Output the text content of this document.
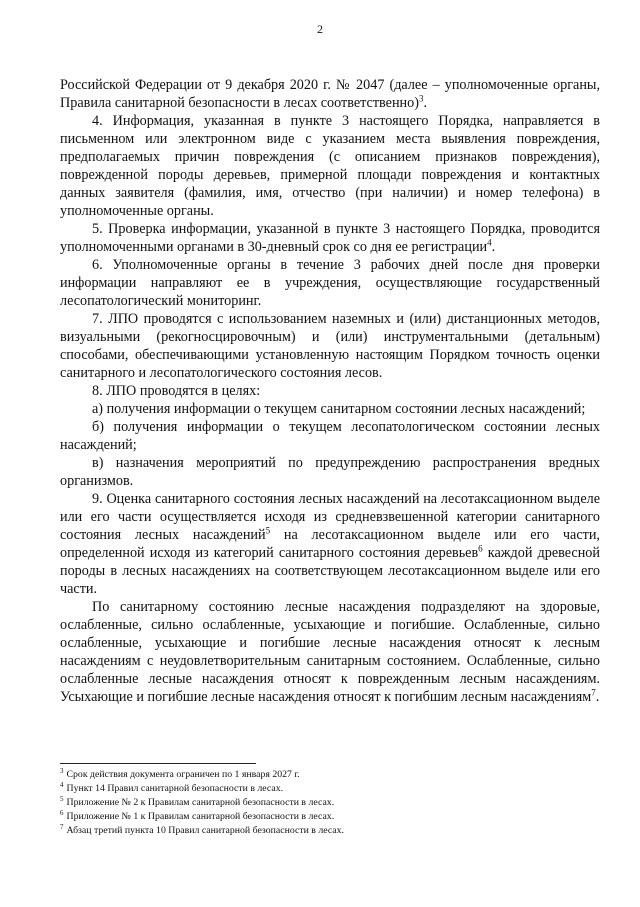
2

Российской Федерации от 9 декабря 2020 г. № 2047 (далее – уполномоченные органы, Правила санитарной безопасности в лесах соответственно)$^3$.

4. Информация, указанная в пункте 3 настоящего Порядка, направляется в письменном или электронном виде с указанием места выявления повреждения, предполагаемых причин повреждения (с описанием признаков повреждения), поврежденной породы деревьев, примерной площади повреждения и контактных данных заявителя (фамилия, имя, отчество (при наличии) и номер телефона) в уполномоченные органы.

5. Проверка информации, указанной в пункте 3 настоящего Порядка, проводится уполномоченными органами в 30-дневный срок со дня ее регистрации$^4$.

6. Уполномоченные органы в течение 3 рабочих дней после дня проверки информации направляют ее в учреждения, осуществляющие государственный лесопатологический мониторинг.

7. ЛПО проводятся с использованием наземных и (или) дистанционных методов, визуальными (рекогносцировочным) и (или) инструментальными (детальным) способами, обеспечивающими установленную настоящим Порядком точность оценки санитарного и лесопатологического состояния лесов.

8. ЛПО проводятся в целях:

а) получения информации о текущем санитарном состоянии лесных насаждений;

б) получения информации о текущем лесопатологическом состоянии лесных насаждений;

в) назначения мероприятий по предупреждению распространения вредных организмов.

9. Оценка санитарного состояния лесных насаждений на лесотаксационном выделе или его части осуществляется исходя из средневзвешенной категории санитарного состояния лесных насаждений$^5$ на лесотаксационном выделе или его части, определенной исходя из категорий санитарного состояния деревьев$^6$ каждой древесной породы в лесных насаждениях на соответствующем лесотаксационном выделе или его части.

По санитарному состоянию лесные насаждения подразделяют на здоровые, ослабленные, сильно ослабленные, усыхающие и погибшие. Ослабленные, сильно ослабленные, усыхающие и погибшие лесные насаждения относят к лесным насаждениям с неудовлетворительным санитарным состоянием. Ослабленные, сильно ослабленные лесные насаждения относят к поврежденным лесным насаждениям. Усыхающие и погибшие лесные насаждения относят к погибшим лесным насаждениям$^7$.

$^3$ Срок действия документа ограничен по 1 января 2027 г.
$^4$ Пункт 14 Правил санитарной безопасности в лесах.
$^5$ Приложение № 2 к Правилам санитарной безопасности в лесах.
$^6$ Приложение № 1 к Правилам санитарной безопасности в лесах.
$^7$ Абзац третий пункта 10 Правил санитарной безопасности в лесах.
